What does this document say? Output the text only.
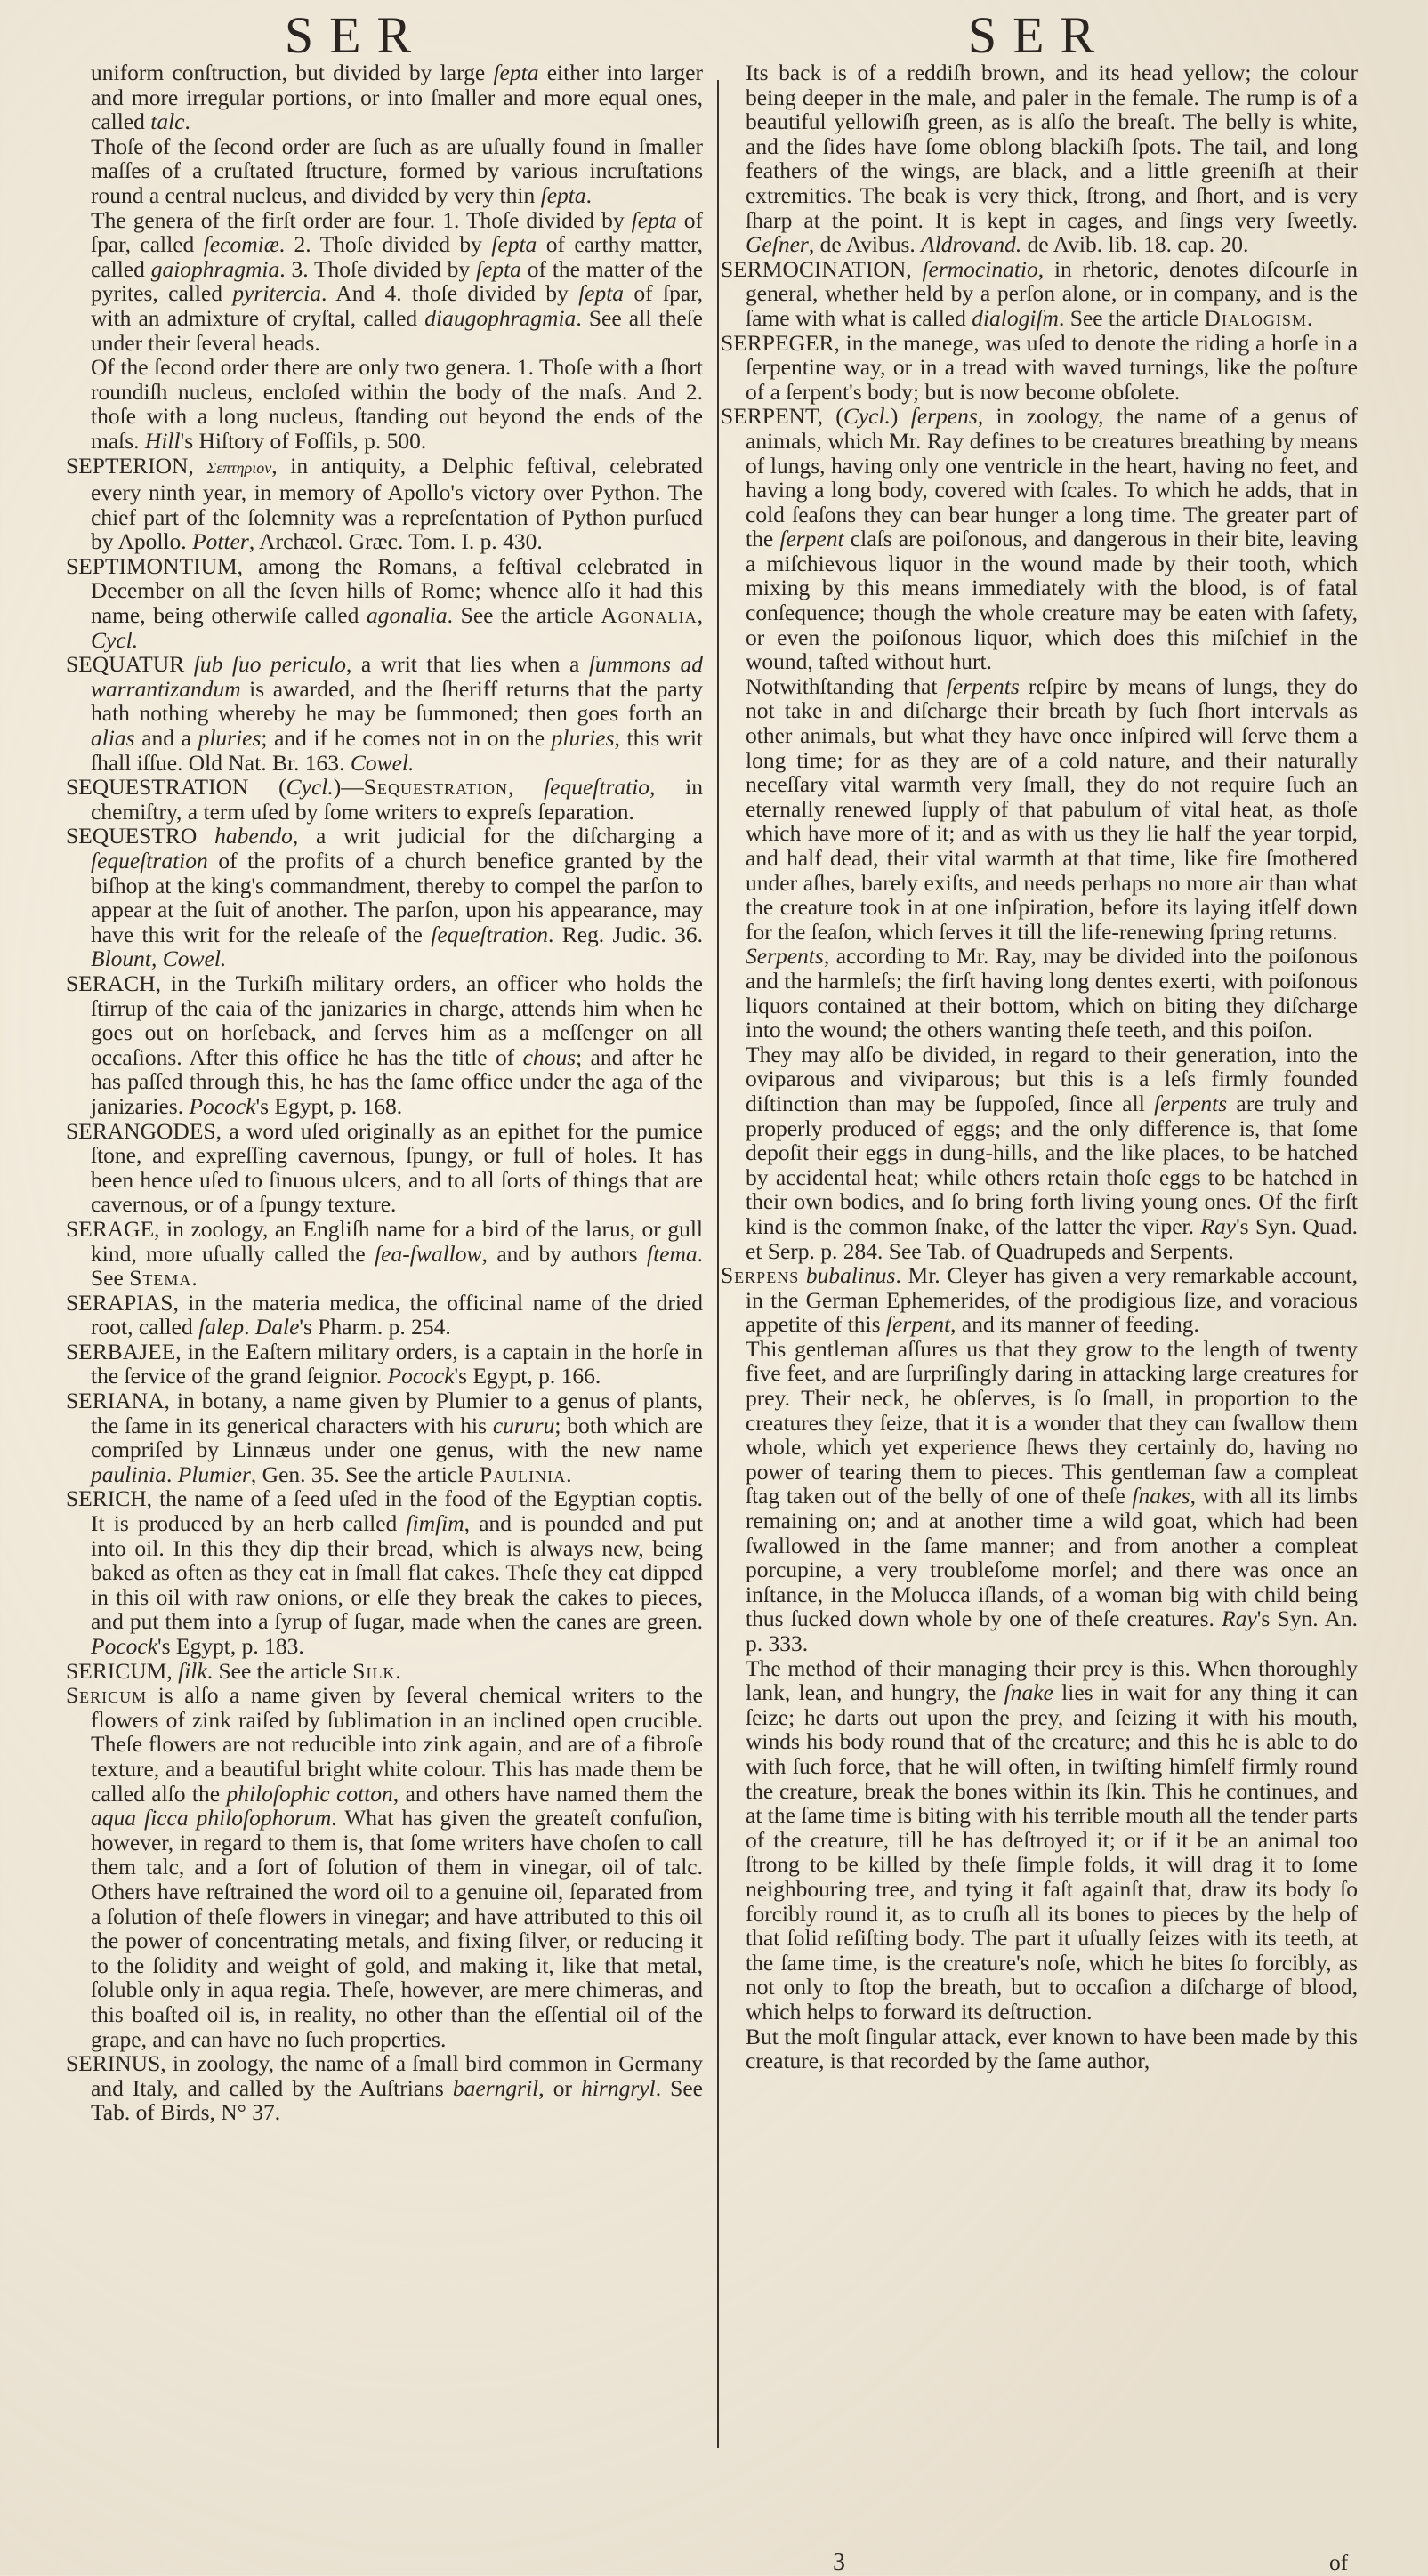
SER	SER

uniform conſtruction, but divided by large ſepta either into larger and more irregular portions, or into ſmaller and more equal ones, called talc.

Thoſe of the ſecond order are ſuch as are uſually found in ſmaller maſſes of a cruſtated ſtructure, formed by various incruſtations round a central nucleus, and divided by very thin ſepta.

The genera of the firſt order are four. 1. Thoſe divided by ſepta of ſpar, called ſecomiæ. 2. Thoſe divided by ſepta of earthy matter, called gaiophragmia. 3. Thoſe divided by ſepta of the matter of the pyrites, called pyritercia. And 4. thoſe divided by ſepta of ſpar, with an admixture of cryſtal, called diaugophragmia. See all theſe under their ſeveral heads.

Of the ſecond order there are only two genera. 1. Thoſe with a ſhort roundiſh nucleus, encloſed within the body of the maſs. And 2. thoſe with a long nucleus, ſtanding out beyond the ends of the maſs. Hill's Hiſtory of Foſſils, p. 500.

SEPTERION, Σεπτηριον, in antiquity, a Delphic feſtival, celebrated every ninth year, in memory of Apollo's victory over Python. The chief part of the ſolemnity was a repreſentation of Python purſued by Apollo. Potter, Archæol. Græc. Tom. I. p. 430.

SEPTIMONTIUM, among the Romans, a feſtival celebrated in December on all the ſeven hills of Rome; whence alſo it had this name, being otherwiſe called agonalia. See the article Agonalia, Cycl.

SEQUATUR ſub ſuo periculo, a writ that lies when a ſummons ad warrantizandum is awarded, and the ſheriff returns that the party hath nothing whereby he may be ſummoned; then goes forth an alias and a pluries; and if he comes not in on the pluries, this writ ſhall iſſue. Old Nat. Br. 163. Cowel.

SEQUESTRATION (Cycl.)—Sequestration, ſequeſtratio, in chemiſtry, a term uſed by ſome writers to expreſs ſeparation.

SEQUESTRO habendo, a writ judicial for the diſcharging a ſequeſtration of the profits of a church benefice granted by the biſhop at the king's commandment, thereby to compel the parſon to appear at the ſuit of another. The parſon, upon his appearance, may have this writ for the releaſe of the ſequeſtration. Reg. Judic. 36. Blount, Cowel.

SERACH, in the Turkiſh military orders, an officer who holds the ſtirrup of the caia of the janizaries in charge, attends him when he goes out on horſeback, and ſerves him as a meſſenger on all occaſions. After this office he has the title of chous; and after he has paſſed through this, he has the ſame office under the aga of the janizaries. Pocock's Egypt, p. 168.

SERANGODES, a word uſed originally as an epithet for the pumice ſtone, and expreſſing cavernous, ſpungy, or full of holes. It has been hence uſed to ſinuous ulcers, and to all ſorts of things that are cavernous, or of a ſpungy texture.

SERAGE, in zoology, an Engliſh name for a bird of the larus, or gull kind, more uſually called the ſea-ſwallow, and by authors ſtema. See Stema.

SERAPIAS, in the materia medica, the officinal name of the dried root, called ſalep. Dale's Pharm. p. 254.

SERBAJEE, in the Eaſtern military orders, is a captain in the horſe in the ſervice of the grand ſeignior. Pocock's Egypt, p. 166.

SERIANA, in botany, a name given by Plumier to a genus of plants, the ſame in its generical characters with his cururu; both which are compriſed by Linnæus under one genus, with the new name paulinia. Plumier, Gen. 35. See the article Paulinia.

SERICH, the name of a ſeed uſed in the food of the Egyptian coptis. It is produced by an herb called ſimſim, and is pounded and put into oil. In this they dip their bread, which is always new, being baked as often as they eat in ſmall flat cakes. Theſe they eat dipped in this oil with raw onions, or elſe they break the cakes to pieces, and put them into a ſyrup of ſugar, made when the canes are green. Pocock's Egypt, p. 183.

SERICUM, ſilk. See the article Silk.

Sericum is alſo a name given by ſeveral chemical writers to the flowers of zink raiſed by ſublimation in an inclined open crucible. Theſe flowers are not reducible into zink again, and are of a fibroſe texture, and a beautiful bright white colour. This has made them be called alſo the philoſophic cotton, and others have named them the aqua ſicca philoſophorum. What has given the greateſt confuſion, however, in regard to them is, that ſome writers have choſen to call them talc, and a ſort of ſolution of them in vinegar, oil of talc. Others have reſtrained the word oil to a genuine oil, ſeparated from a ſolution of theſe flowers in vinegar; and have attributed to this oil the power of concentrating metals, and fixing ſilver, or reducing it to the ſolidity and weight of gold, and making it, like that metal, ſoluble only in aqua regia. Theſe, however, are mere chimeras, and this boaſted oil is, in reality, no other than the eſſential oil of the grape, and can have no ſuch properties.

SERINUS, in zoology, the name of a ſmall bird common in Germany and Italy, and called by the Auſtrians baerngril, or hirngryl. See Tab. of Birds, N° 37.

Its back is of a reddiſh brown, and its head yellow; the colour being deeper in the male, and paler in the female. The rump is of a beautiful yellowiſh green, as is alſo the breaſt. The belly is white, and the ſides have ſome oblong blackiſh ſpots. The tail, and long feathers of the wings, are black, and a little greeniſh at their extremities. The beak is very thick, ſtrong, and ſhort, and is very ſharp at the point. It is kept in cages, and ſings very ſweetly. Geſner, de Avibus. Aldrovand. de Avib. lib. 18. cap. 20.

SERMOCINATION, ſermocinatio, in rhetoric, denotes diſcourſe in general, whether held by a perſon alone, or in company, and is the ſame with what is called dialogiſm. See the article Dialogism.

SERPEGER, in the manege, was uſed to denote the riding a horſe in a ſerpentine way, or in a tread with waved turnings, like the poſture of a ſerpent's body; but is now become obſolete.

SERPENT, (Cycl.) ſerpens, in zoology, the name of a genus of animals, which Mr. Ray defines to be creatures breathing by means of lungs, having only one ventricle in the heart, having no feet, and having a long body, covered with ſcales. To which he adds, that in cold ſeaſons they can bear hunger a long time. The greater part of the ſerpent claſs are poiſonous, and dangerous in their bite, leaving a miſchievous liquor in the wound made by their tooth, which mixing by this means immediately with the blood, is of fatal conſequence; though the whole creature may be eaten with ſafety, or even the poiſonous liquor, which does this miſchief in the wound, taſted without hurt.

Notwithſtanding that ſerpents reſpire by means of lungs, they do not take in and diſcharge their breath by ſuch ſhort intervals as other animals, but what they have once inſpired will ſerve them a long time; for as they are of a cold nature, and their naturally neceſſary vital warmth very ſmall, they do not require ſuch an eternally renewed ſupply of that pabulum of vital heat, as thoſe which have more of it; and as with us they lie half the year torpid, and half dead, their vital warmth at that time, like fire ſmothered under aſhes, barely exiſts, and needs perhaps no more air than what the creature took in at one inſpiration, before its laying itſelf down for the ſeaſon, which ſerves it till the life-renewing ſpring returns.

Serpents, according to Mr. Ray, may be divided into the poiſonous and the harmleſs; the firſt having long dentes exerti, with poiſonous liquors contained at their bottom, which on biting they diſcharge into the wound; the others wanting theſe teeth, and this poiſon.

They may alſo be divided, in regard to their generation, into the oviparous and viviparous; but this is a leſs firmly founded diſtinction than may be ſuppoſed, ſince all ſerpents are truly and properly produced of eggs; and the only difference is, that ſome depoſit their eggs in dung-hills, and the like places, to be hatched by accidental heat; while others retain thoſe eggs to be hatched in their own bodies, and ſo bring forth living young ones. Of the firſt kind is the common ſnake, of the latter the viper. Ray's Syn. Quad. et Serp. p. 284. See Tab. of Quadrupeds and Serpents.

Serpens bubalinus. Mr. Cleyer has given a very remarkable account, in the German Ephemerides, of the prodigious ſize, and voracious appetite of this ſerpent, and its manner of feeding.

This gentleman aſſures us that they grow to the length of twenty five feet, and are ſurpriſingly daring in attacking large creatures for prey. Their neck, he obſerves, is ſo ſmall, in proportion to the creatures they ſeize, that it is a wonder that they can ſwallow them whole, which yet experience ſhews they certainly do, having no power of tearing them to pieces. This gentleman ſaw a compleat ſtag taken out of the belly of one of theſe ſnakes, with all its limbs remaining on; and at another time a wild goat, which had been ſwallowed in the ſame manner; and from another a compleat porcupine, a very troubleſome morſel; and there was once an inſtance, in the Molucca iſlands, of a woman big with child being thus ſucked down whole by one of theſe creatures. Ray's Syn. An. p. 333.

The method of their managing their prey is this. When thoroughly lank, lean, and hungry, the ſnake lies in wait for any thing it can ſeize; he darts out upon the prey, and ſeizing it with his mouth, winds his body round that of the creature; and this he is able to do with ſuch force, that he will often, in twiſting himſelf firmly round the creature, break the bones within its ſkin. This he continues, and at the ſame time is biting with his terrible mouth all the tender parts of the creature, till he has deſtroyed it; or if it be an animal too ſtrong to be killed by theſe ſimple folds, it will drag it to ſome neighbouring tree, and tying it faſt againſt that, draw its body ſo forcibly round it, as to cruſh all its bones to pieces by the help of that ſolid reſiſting body. The part it uſually ſeizes with its teeth, at the ſame time, is the creature's noſe, which he bites ſo forcibly, as not only to ſtop the breath, but to occaſion a diſcharge of blood, which helps to forward its deſtruction.

But the moſt ſingular attack, ever known to have been made by this creature, is that recorded by the ſame author,

3	of
